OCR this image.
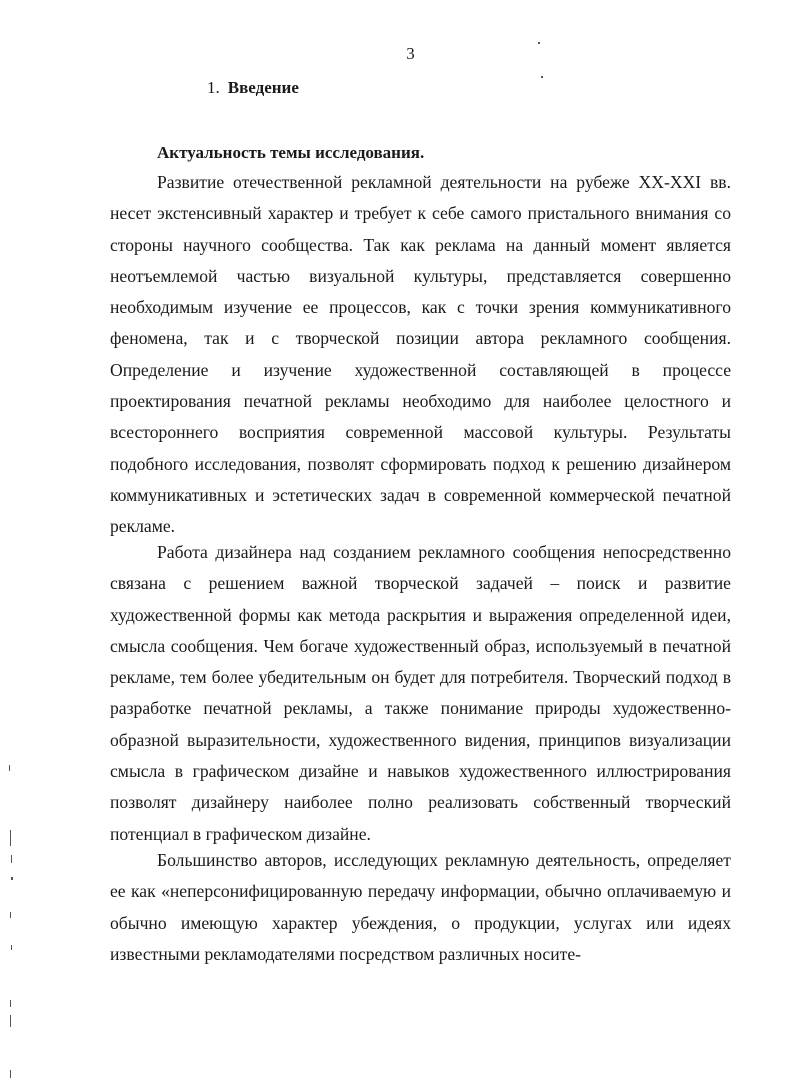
3
1. Введение
Актуальность темы исследования.

Развитие отечественной рекламной деятельности на рубеже XX-XXI вв. несет экстенсивный характер и требует к себе самого пристального внимания со стороны научного сообщества. Так как реклама на данный момент является неотъемлемой частью визуальной культуры, представляется совершенно необходимым изучение ее процессов, как с точки зрения коммуникативного феномена, так и с творческой позиции автора рекламного сообщения. Определение и изучение художественной составляющей в процессе проектирования печатной рекламы необходимо для наиболее целостного и всестороннего восприятия современной массовой культуры. Результаты подобного исследования, позволят сформировать подход к решению дизайнером коммуникативных и эстетических задач в современной коммерческой печатной рекламе.

Работа дизайнера над созданием рекламного сообщения непосредственно связана с решением важной творческой задачей – поиск и развитие художественной формы как метода раскрытия и выражения определенной идеи, смысла сообщения. Чем богаче художественный образ, используемый в печатной рекламе, тем более убедительным он будет для потребителя. Творческий подход в разработке печатной рекламы, а также понимание природы художественно-образной выразительности, художественного видения, принципов визуализации смысла в графическом дизайне и навыков художественного иллюстрирования позволят дизайнеру наиболее полно реализовать собственный творческий потенциал в графическом дизайне.

Большинство авторов, исследующих рекламную деятельность, определяет ее как «неперсонифицированную передачу информации, обычно оплачиваемую и обычно имеющую характер убеждения, о продукции, услугах или идеях известными рекламодателями посредством различных носите-
